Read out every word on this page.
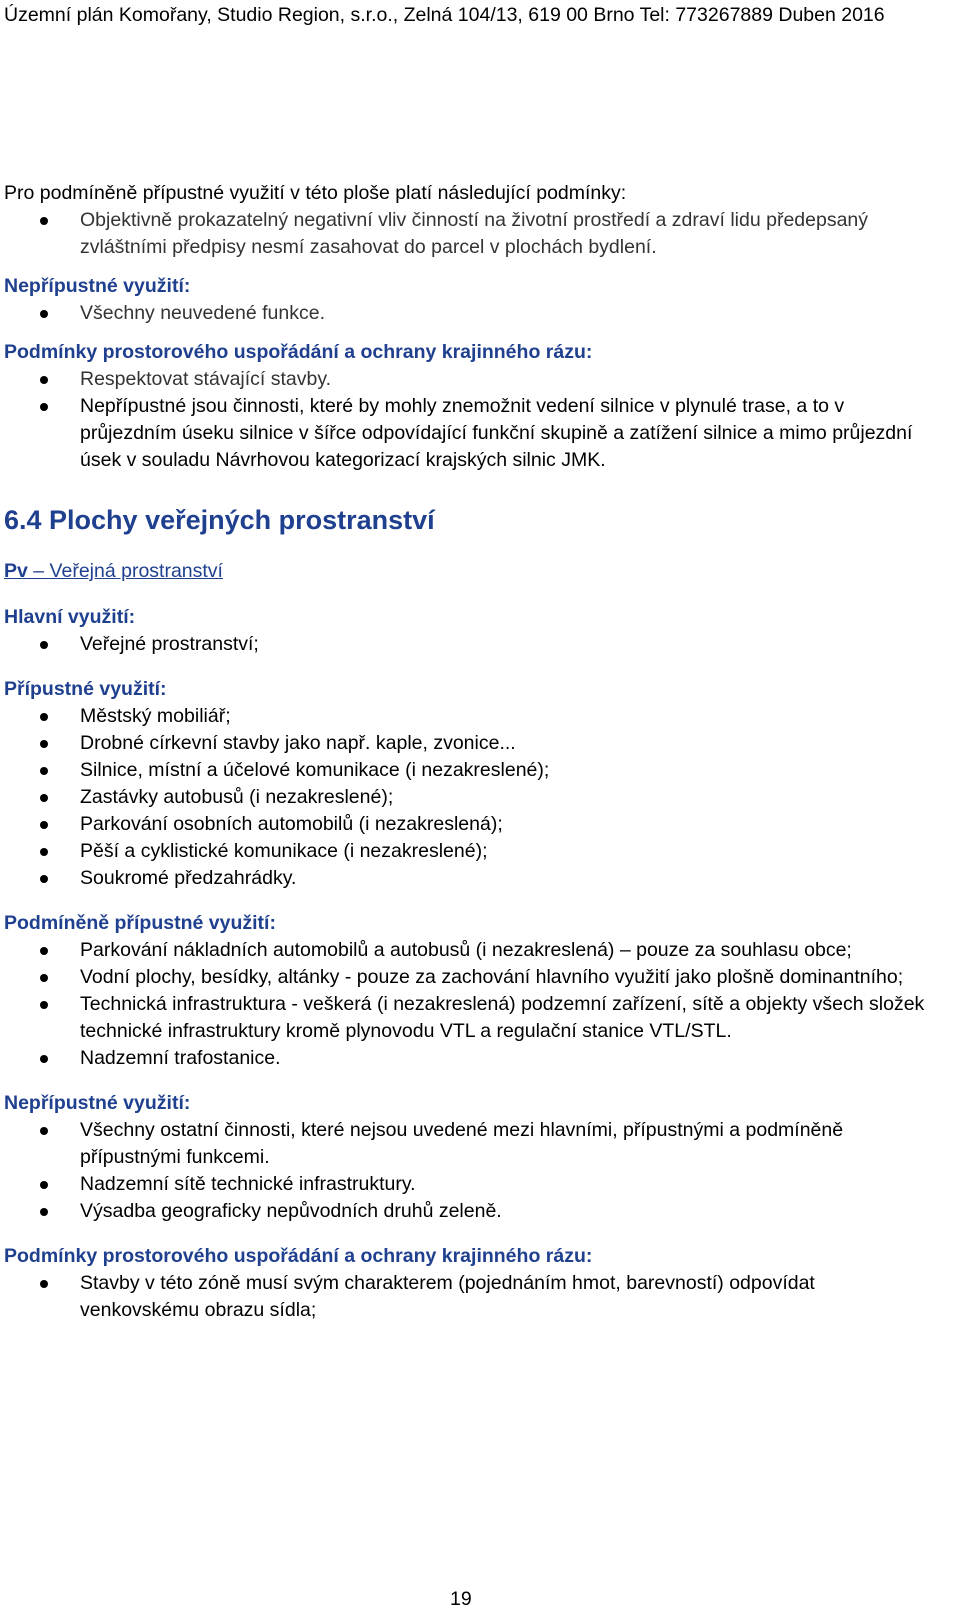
Územní plán Komořany, Studio Region, s.r.o., Zelná 104/13, 619 00 Brno Tel: 773267889 Duben 2016

Pro podmíněně přípustné využití v této ploše platí následující podmínky:

Objektivně prokazatelný negativní vliv činností na životní prostředí a zdraví lidu předepsaný zvláštními předpisy nesmí zasahovat do parcel v plochách bydlení.
Nepřípustné využití:
Všechny neuvedené funkce.
Podmínky prostorového uspořádání a ochrany krajinného rázu:
Respektovat stávající stavby.
Nepřípustné jsou činnosti, které by mohly znemožnit vedení silnice v plynulé trase, a to v průjezdním úseku silnice v šířce odpovídající funkční skupině a zatížení silnice a mimo průjezdní úsek v souladu Návrhovou kategorizací krajských silnic JMK.
6.4 Plochy veřejných prostranství
Pv – Veřejná prostranství
Hlavní využití:
Veřejné prostranství;
Přípustné využití:
Městský mobiliář;
Drobné církevní stavby jako např. kaple, zvonice...
Silnice, místní a účelové komunikace (i nezakreslené);
Zastávky autobusů (i nezakreslené);
Parkování osobních automobilů (i nezakreslená);
Pěší a cyklistické komunikace (i nezakreslené);
Soukromé předzahrádky.
Podmíněně přípustné využití:
Parkování nákladních automobilů a autobusů (i nezakreslená) – pouze za souhlasu obce;
Vodní plochy, besídky, altánky - pouze za zachování hlavního využití jako plošně dominantního;
Technická infrastruktura - veškerá (i nezakreslená) podzemní zařízení, sítě a objekty všech složek technické infrastruktury kromě plynovodu VTL a regulační stanice VTL/STL.
Nadzemní trafostanice.
Nepřípustné využití:
Všechny ostatní činnosti, které nejsou uvedené mezi hlavními, přípustnými a podmíněně přípustnými funkcemi.
Nadzemní sítě technické infrastruktury.
Výsadba geograficky nepůvodních druhů zeleně.
Podmínky prostorového uspořádání a ochrany krajinného rázu:
Stavby v této zóně musí svým charakterem (pojednáním hmot, barevností) odpovídat venkovskému obrazu sídla;
19
